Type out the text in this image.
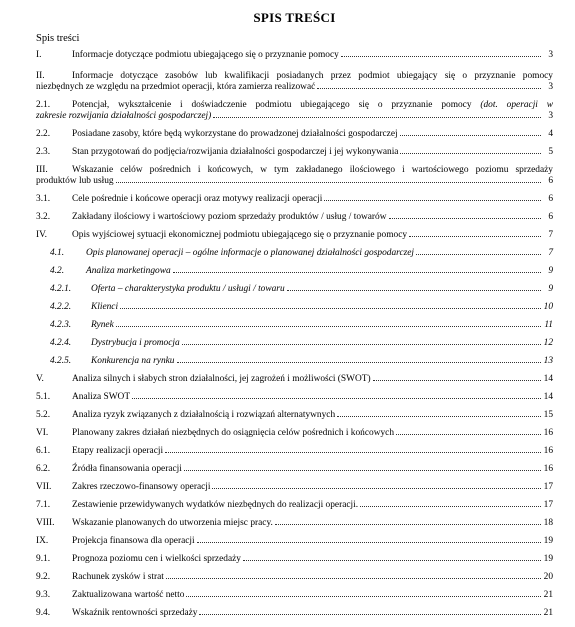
SPIS TREŚCI
Spis treści
I.	Informacje dotyczące podmiotu ubiegającego się o przyznanie pomocy	3
II.	Informacje dotyczące zasobów lub kwalifikacji posiadanych przez podmiot ubiegający się o przyznanie pomocy
niezbędnych ze względu na przedmiot operacji, która zamierza realizować	3
2.1.	Potencjał, wykształcenie i doświadczenie podmiotu ubiegającego się o przyznanie pomocy (dot. operacji w
zakresie rozwijania działalności gospodarczej)	3
2.2.	Posiadane zasoby, które będą wykorzystane do prowadzonej działalności gospodarczej	4
2.3.	Stan przygotowań do podjęcia/rozwijania działalności gospodarczej i jej wykonywania	5
III.	Wskazanie celów pośrednich i końcowych, w tym zakładanego ilościowego i wartościowego poziomu sprzedaży
produktów lub usług	6
3.1.	Cele pośrednie i końcowe operacji oraz motywy realizacji operacji	6
3.2.	Zakładany ilościowy i wartościowy poziom sprzedaży produktów / usług / towarów	6
IV.	Opis wyjściowej sytuacji ekonomicznej podmiotu ubiegającego się o przyznanie pomocy	7
4.1.	Opis planowanej operacji – ogólne informacje o planowanej działalności gospodarczej	7
4.2.	Analiza marketingowa	9
4.2.1.	Oferta – charakterystyka produktu / usługi / towaru	9
4.2.2.	Klienci	10
4.2.3.	Rynek	11
4.2.4.	Dystrybucja i promocja	12
4.2.5.	Konkurencja na rynku	13
V.	Analiza silnych i słabych stron działalności, jej zagrożeń i możliwości (SWOT)	14
5.1.	Analiza SWOT	14
5.2.	Analiza ryzyk związanych z działalnością i rozwiązań alternatywnych	15
VI.	Planowany zakres działań niezbędnych do osiągnięcia celów pośrednich i końcowych	16
6.1.	Etapy realizacji operacji	16
6.2.	Źródła finansowania operacji	16
VII.	Zakres rzeczowo-finansowy operacji	17
7.1.	Zestawienie przewidywanych wydatków niezbędnych do realizacji operacji.	17
VIII.	Wskazanie planowanych do utworzenia miejsc pracy.	18
IX.	Projekcja finansowa dla operacji	19
9.1.	Prognoza poziomu cen i wielkości sprzedaży	19
9.2.	Rachunek zysków i strat	20
9.3.	Zaktualizowana wartość netto	21
9.4.	Wskaźnik rentowności sprzedaży	21
